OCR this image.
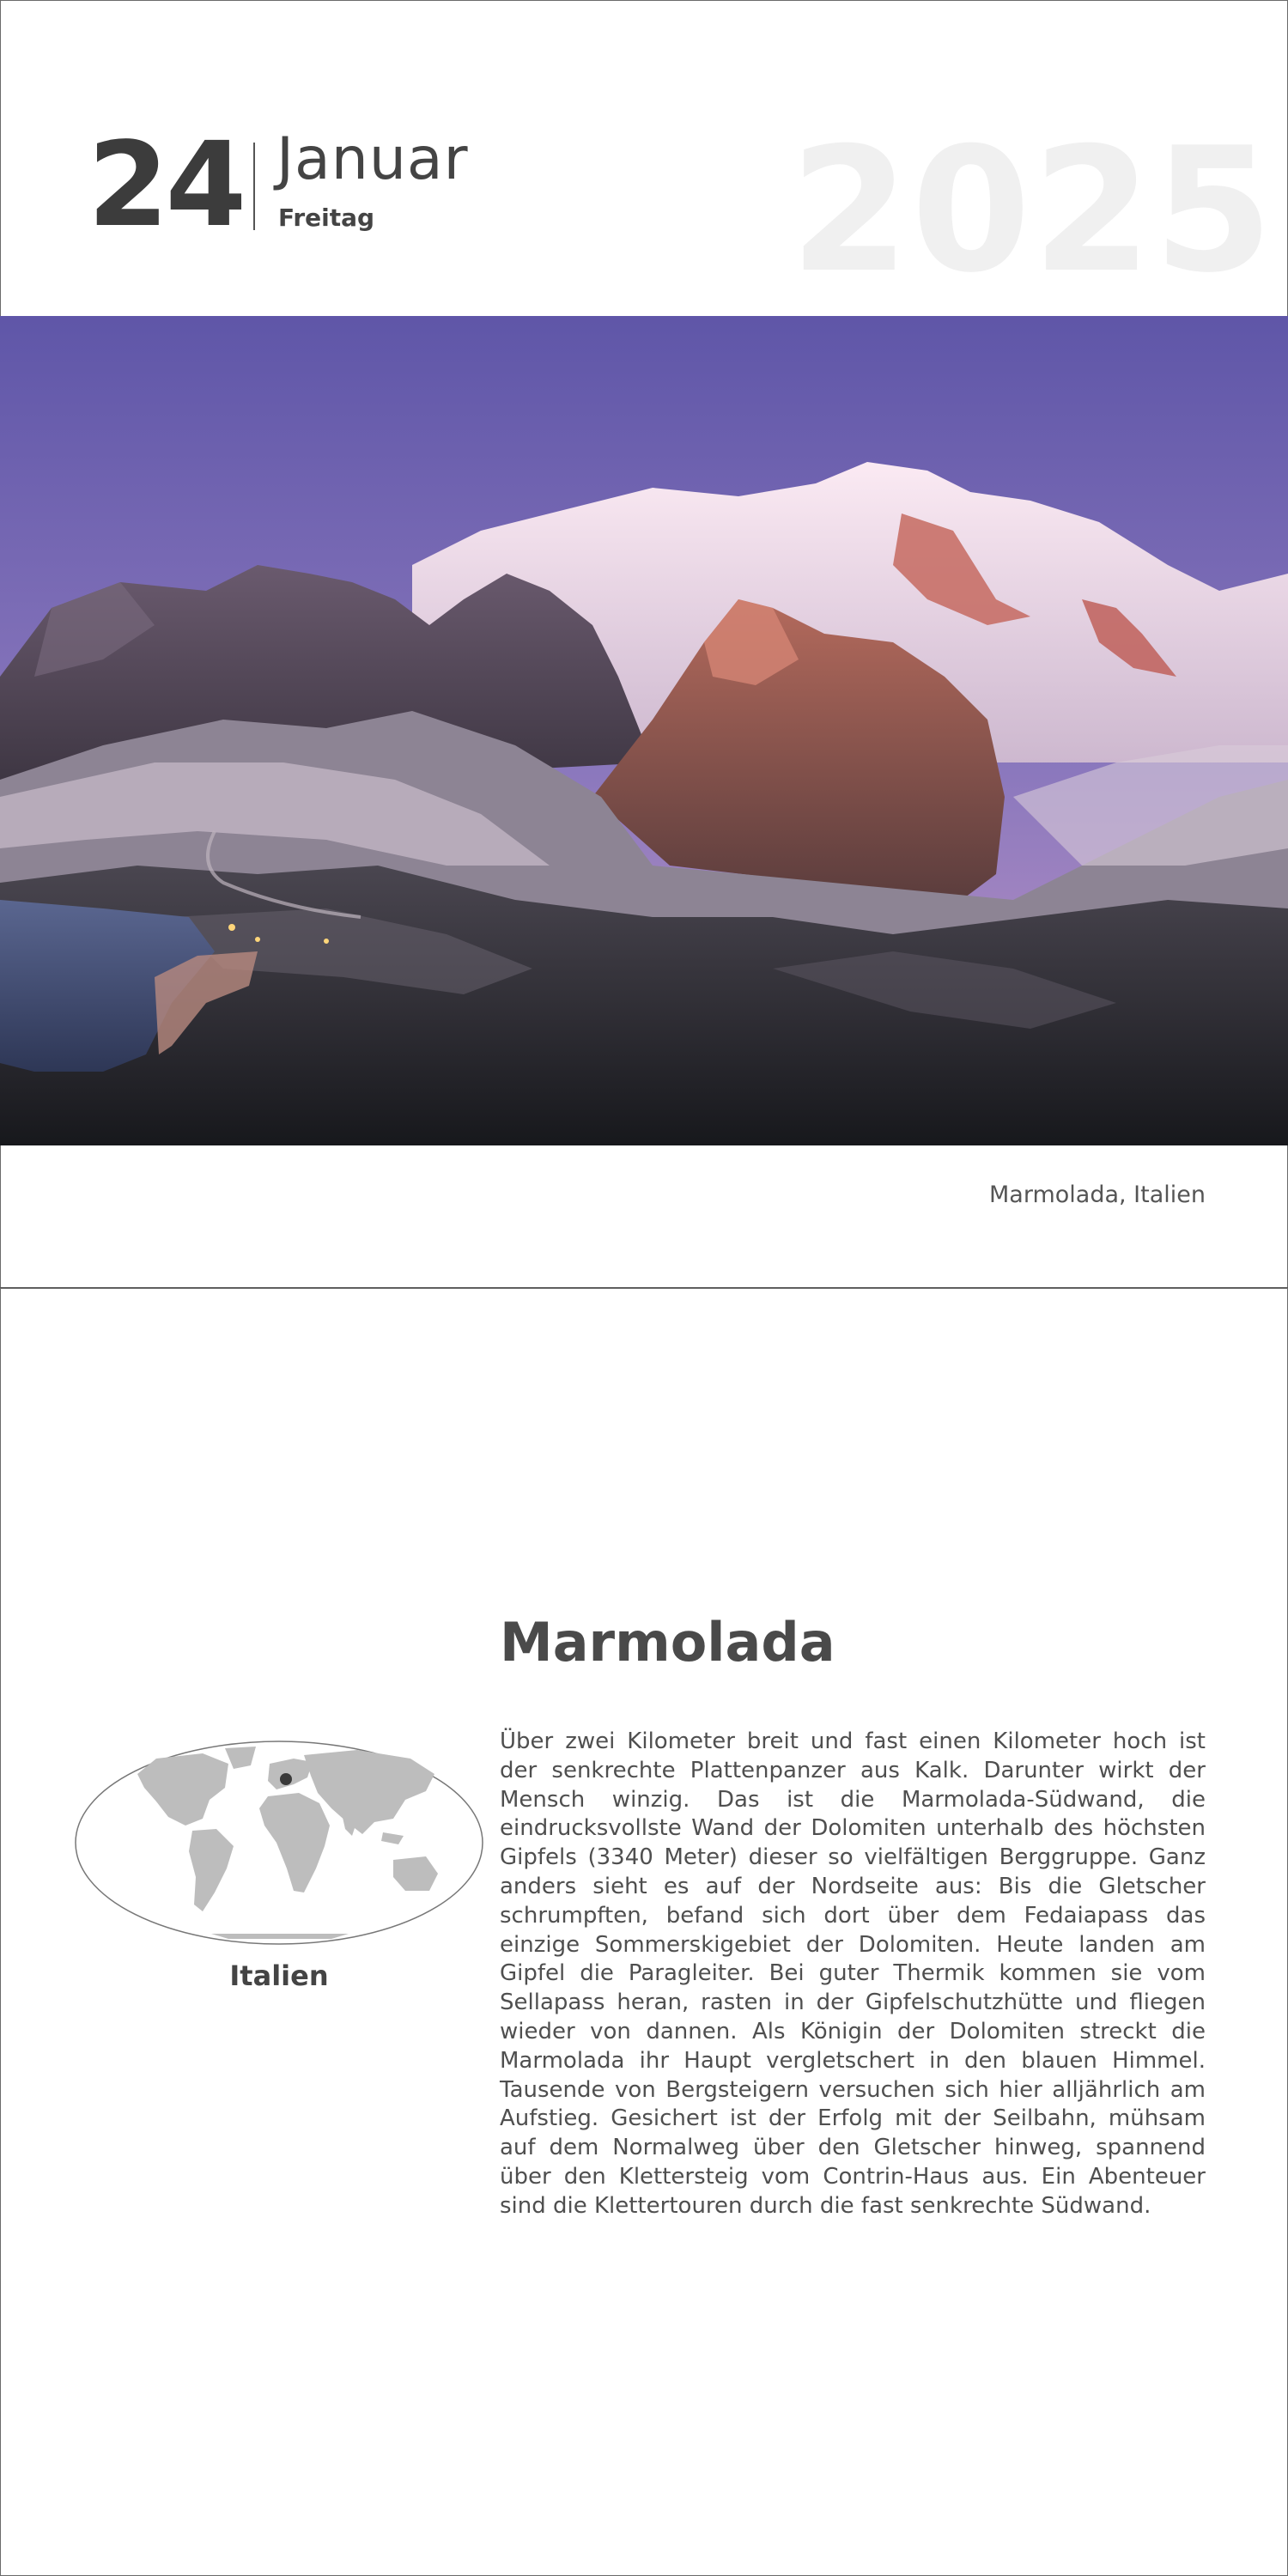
2025
24 Januar
Freitag
Marmolada, Italien
Italien
Marmolada
Über zwei Kilometer breit und fast einen Kilometer hoch ist der senkrechte Plattenpanzer aus Kalk. Darunter wirkt der Mensch winzig. Das ist die Marmolada-Südwand, die eindrucksvollste Wand der Dolomiten unterhalb des höchsten Gipfels (3340 Meter) dieser so vielfältigen Berggruppe. Ganz anders sieht es auf der Nordseite aus: Bis die Gletscher schrumpften, befand sich dort über dem Fedaiapass das einzige Sommerskigebiet der Dolomiten. Heute landen am Gipfel die Paragleiter. Bei guter Thermik kommen sie vom Sellapass heran, rasten in der Gipfelschutzhütte und fliegen wieder von dannen. Als Königin der Dolomiten streckt die Marmolada ihr Haupt vergletschert in den blauen Himmel. Tausende von Bergsteigern versuchen sich hier alljährlich am Aufstieg. Gesichert ist der Erfolg mit der Seilbahn, mühsam auf dem Normalweg über den Gletscher hinweg, spannend über den Klettersteig vom Contrin-Haus aus. Ein Abenteuer sind die Klettertouren durch die fast senkrechte Südwand.
